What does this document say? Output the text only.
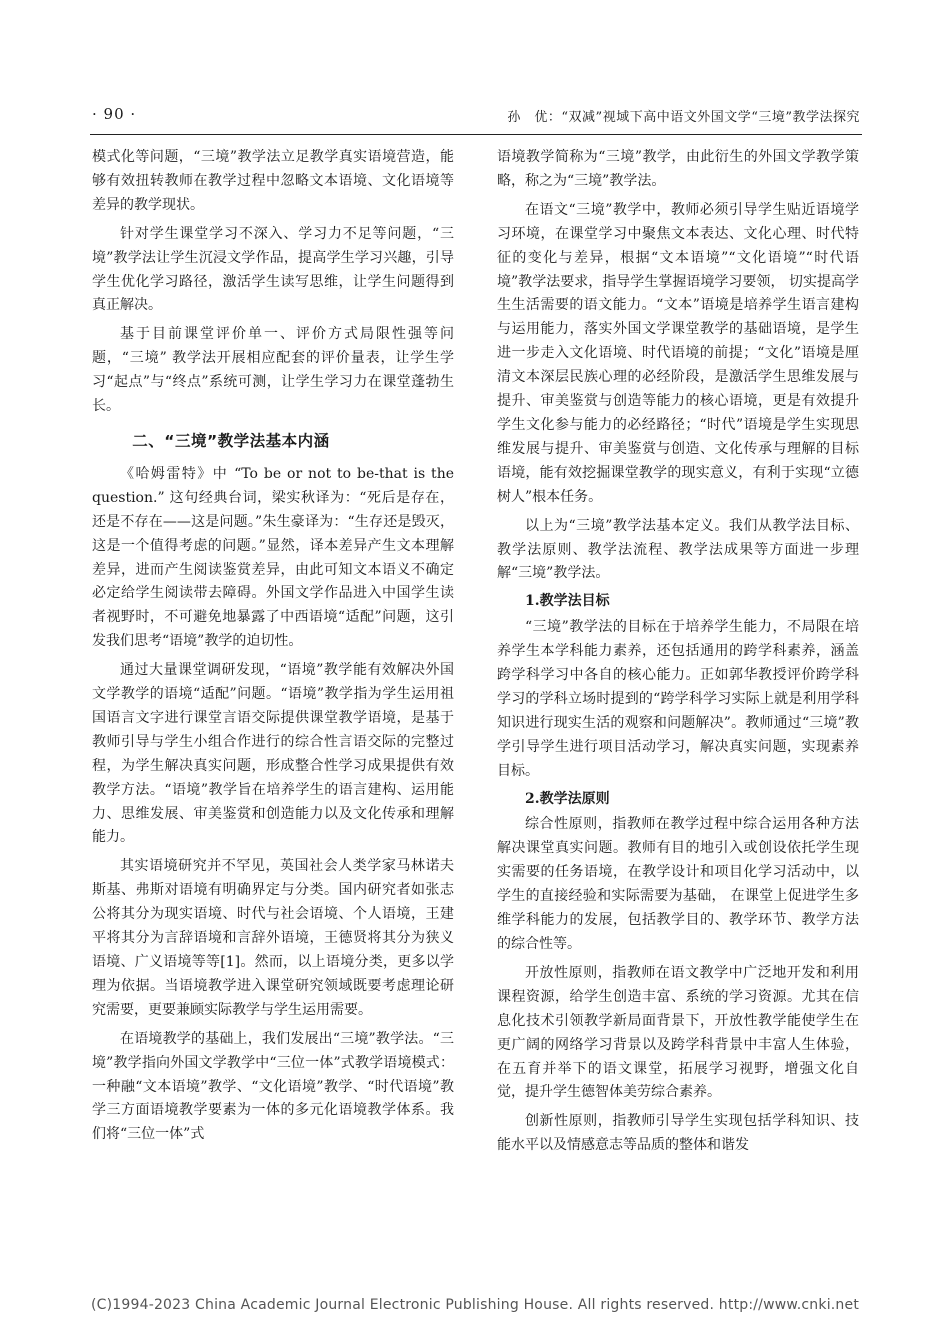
· 90 ·	孙　优：“双减”视域下高中语文外国文学“三境”教学法探究

模式化等问题，“三境”教学法立足教学真实语境营造，能够有效扭转教师在教学过程中忽略文本语境、文化语境等差异的教学现状。

针对学生课堂学习不深入、学习力不足等问题，“三境”教学法让学生沉浸文学作品，提高学生学习兴趣，引导学生优化学习路径，激活学生读写思维，让学生问题得到真正解决。

基于目前课堂评价单一、评价方式局限性强等问题，“三境” 教学法开展相应配套的评价量表，让学生学习“起点”与“终点”系统可测，让学生学习力在课堂蓬勃生长。

二、“三境”教学法基本内涵

《哈姆雷特》中 “To be or not to be-that is the question.” 这句经典台词，梁实秋译为：“死后是存在，还是不存在——这是问题。”朱生豪译为：“生存还是毁灭，这是一个值得考虑的问题。”显然，译本差异产生文本理解差异，进而产生阅读鉴赏差异，由此可知文本语义不确定必定给学生阅读带去障碍。外国文学作品进入中国学生读者视野时，不可避免地暴露了中西语境“适配”问题，这引发我们思考“语境”教学的迫切性。

通过大量课堂调研发现，“语境”教学能有效解决外国文学教学的语境“适配”问题。“语境”教学指为学生运用祖国语言文字进行课堂言语交际提供课堂教学语境，是基于教师引导与学生小组合作进行的综合性言语交际的完整过程，为学生解决真实问题，形成整合性学习成果提供有效教学方法。“语境”教学旨在培养学生的语言建构、运用能力、思维发展、审美鉴赏和创造能力以及文化传承和理解能力。

其实语境研究并不罕见，英国社会人类学家马林诺夫斯基、弗斯对语境有明确界定与分类。国内研究者如张志公将其分为现实语境、时代与社会语境、个人语境，王建平将其分为言辞语境和言辞外语境，王德贤将其分为狭义语境、广义语境等等[1]。然而，以上语境分类，更多以学理为依据。当语境教学进入课堂研究领域既要考虑理论研究需要，更要兼顾实际教学与学生运用需要。

在语境教学的基础上，我们发展出“三境”教学法。“三境”教学指向外国文学教学中“三位一体”式教学语境模式：一种融“文本语境”教学、“文化语境”教学、“时代语境”教学三方面语境教学要素为一体的多元化语境教学体系。我们将“三位一体”式

语境教学简称为“三境”教学，由此衍生的外国文学教学策略，称之为“三境”教学法。

在语文“三境”教学中，教师必须引导学生贴近语境学习环境，在课堂学习中聚焦文本表达、文化心理、时代特征的变化与差异，根据“文本语境”“文化语境”“时代语境”教学法要求，指导学生掌握语境学习要领， 切实提高学生生活需要的语文能力。“文本”语境是培养学生语言建构与运用能力，落实外国文学课堂教学的基础语境，是学生进一步走入文化语境、时代语境的前提；“文化”语境是厘清文本深层民族心理的必经阶段，是激活学生思维发展与提升、审美鉴赏与创造等能力的核心语境，更是有效提升学生文化参与能力的必经路径；“时代”语境是学生实现思维发展与提升、审美鉴赏与创造、文化传承与理解的目标语境，能有效挖掘课堂教学的现实意义，有利于实现“立德树人”根本任务。

以上为“三境”教学法基本定义。我们从教学法目标、教学法原则、教学法流程、教学法成果等方面进一步理解“三境”教学法。

1.教学法目标

“三境”教学法的目标在于培养学生能力，不局限在培养学生本学科能力素养，还包括通用的跨学科素养，涵盖跨学科学习中各自的核心能力。正如郭华教授评价跨学科学习的学科立场时提到的“跨学科学习实际上就是利用学科知识进行现实生活的观察和问题解决”。教师通过“三境”教学引导学生进行项目活动学习，解决真实问题，实现素养目标。

2.教学法原则

综合性原则，指教师在教学过程中综合运用各种方法解决课堂真实问题。教师有目的地引入或创设依托学生现实需要的任务语境，在教学设计和项目化学习活动中，以学生的直接经验和实际需要为基础， 在课堂上促进学生多维学科能力的发展，包括教学目的、教学环节、教学方法的综合性等。

开放性原则，指教师在语文教学中广泛地开发和利用课程资源，给学生创造丰富、系统的学习资源。尤其在信息化技术引领教学新局面背景下，开放性教学能使学生在更广阔的网络学习背景以及跨学科背景中丰富人生体验，在五育并举下的语文课堂，拓展学习视野，增强文化自觉，提升学生德智体美劳综合素养。

创新性原则，指教师引导学生实现包括学科知识、技能水平以及情感意志等品质的整体和谐发

(C)1994-2023 China Academic Journal Electronic Publishing House. All rights reserved. http://www.cnki.net
